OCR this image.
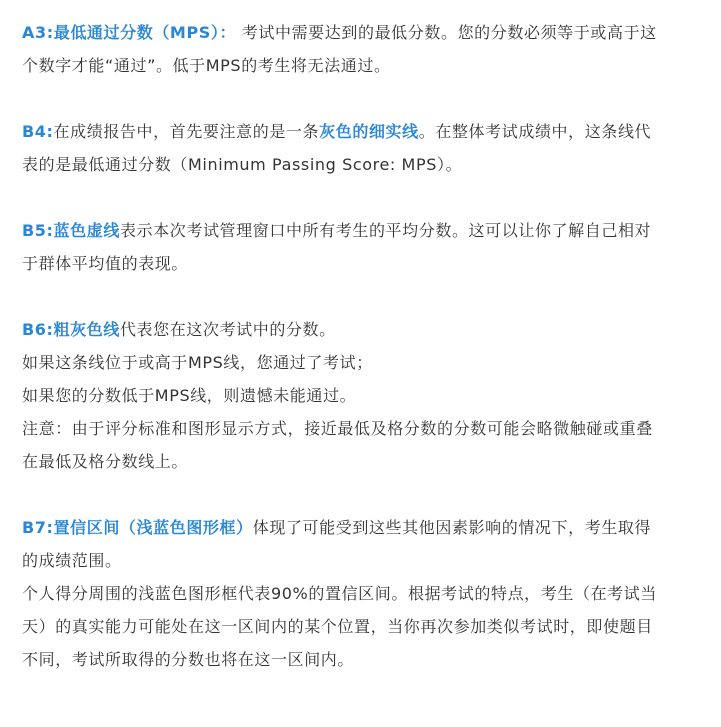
A3:最低通过分数（MPS）： 考试中需要达到的最低分数。您的分数必须等于或高于这
个数字才能“通过”。低于MPS的考生将无法通过。
B4:在成绩报告中，首先要注意的是一条灰色的细实线。在整体考试成绩中，这条线代
表的是最低通过分数（Minimum Passing Score: MPS）。
B5:蓝色虚线表示本次考试管理窗口中所有考生的平均分数。这可以让你了解自己相对
于群体平均值的表现。
B6:粗灰色线代表您在这次考试中的分数。
如果这条线位于或高于MPS线，您通过了考试；
如果您的分数低于MPS线，则遗憾未能通过。
注意：由于评分标准和图形显示方式，接近最低及格分数的分数可能会略微触碰或重叠
在最低及格分数线上。
B7:置信区间（浅蓝色图形框）体现了可能受到这些其他因素影响的情况下，考生取得
的成绩范围。
个人得分周围的浅蓝色图形框代表90%的置信区间。根据考试的特点，考生（在考试当
天）的真实能力可能处在这一区间内的某个位置，当你再次参加类似考试时，即使题目
不同，考试所取得的分数也将在这一区间内。
